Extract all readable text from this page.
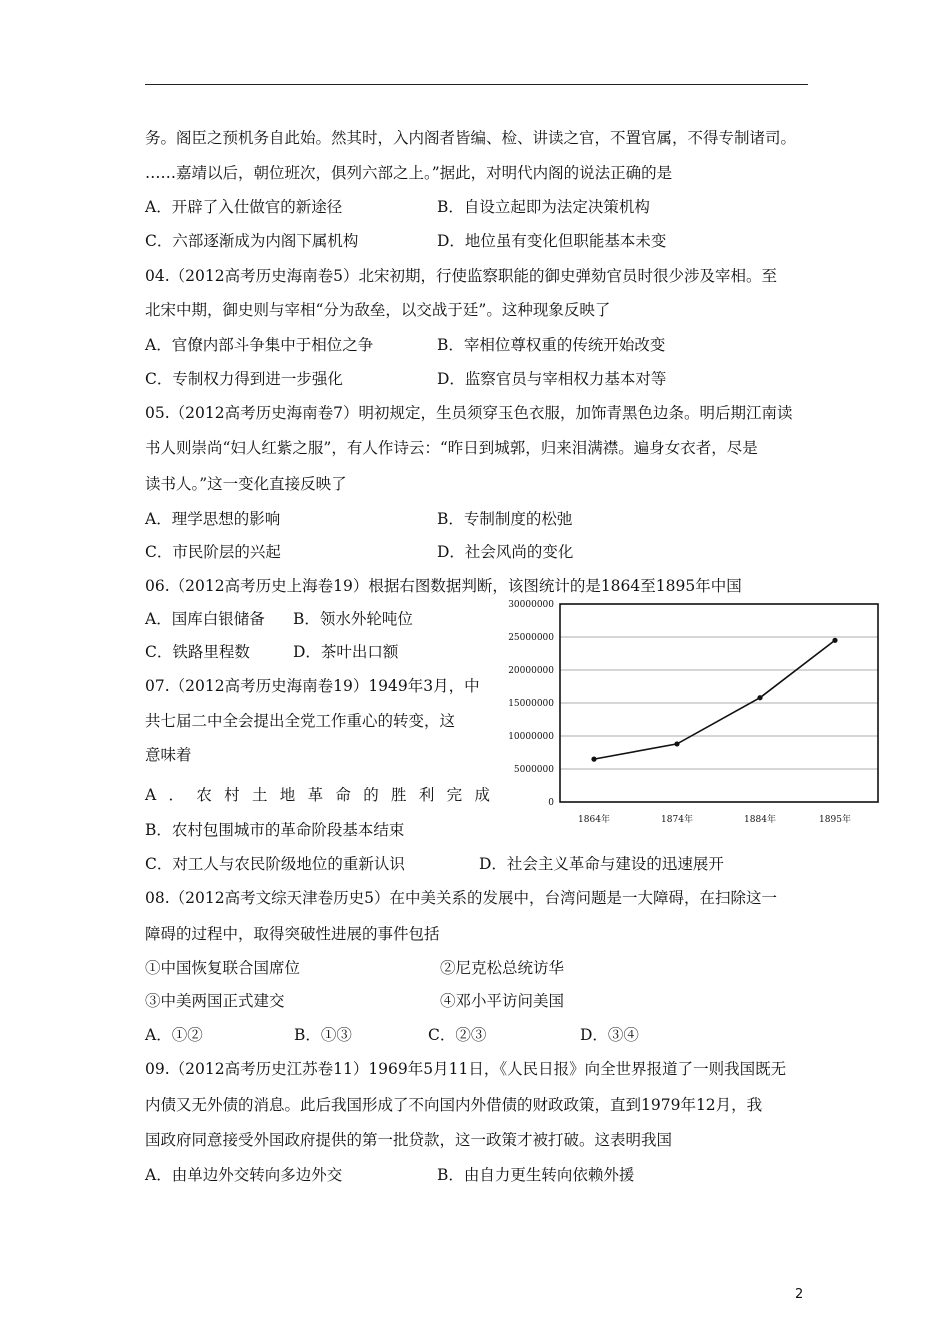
务。阁臣之预机务自此始。然其时，入内阁者皆编、检、讲读之官，不置官属，不得专制诸司。
……嘉靖以后，朝位班次，俱列六部之上。”据此，对明代内阁的说法正确的是
A．开辟了入仕做官的新途径	B．自设立起即为法定决策机构
C．六部逐渐成为内阁下属机构	D．地位虽有变化但职能基本未变
04.（2012高考历史海南卷5）北宋初期，行使监察职能的御史弹劾官员时很少涉及宰相。至
北宋中期，御史则与宰相“分为敌垒，以交战于廷”。这种现象反映了
A．官僚内部斗争集中于相位之争	B．宰相位尊权重的传统开始改变
C．专制权力得到进一步强化	D．监察官员与宰相权力基本对等
05.（2012高考历史海南卷7）明初规定，生员须穿玉色衣服，加饰青黑色边条。明后期江南读
书人则崇尚“妇人红紫之服”，有人作诗云：“昨日到城郭，归来泪满襟。遍身女衣者，尽是
读书人。”这一变化直接反映了
A．理学思想的影响	B．专制制度的松弛
C．市民阶层的兴起	D．社会风尚的变化
06.（2012高考历史上海卷19）根据右图数据判断，该图统计的是1864至1895年中国
A．国库白银储备 B．领水外轮吨位
C．铁路里程数	D．茶叶出口额
0
5000000
10000000
15000000
20000000
25000000
30000000
1864年	1874年	1884年	1895年
07.（2012高考历史海南卷19）1949年3月，中
共七届二中全会提出全党工作重心的转变，这
意味着
A ． 农 村 土 地 革 命 的 胜 利 完 成
B．农村包围城市的革命阶段基本结束
C．对工人与农民阶级地位的重新认识	D．社会主义革命与建设的迅速展开
08.（2012高考文综天津卷历史5）在中美关系的发展中，台湾问题是一大障碍，在扫除这一
障碍的过程中，取得突破性进展的事件包括
①中国恢复联合国席位	②尼克松总统访华
③中美两国正式建交	④邓小平访问美国
A．①②	B．①③	C．②③	D．③④
09.（2012高考历史江苏卷11）1969年5月11日，《人民日报》向全世界报道了一则我国既无
内债又无外债的消息。此后我国形成了不向国内外借债的财政政策，直到1979年12月，我
国政府同意接受外国政府提供的第一批贷款，这一政策才被打破。这表明我国
A．由单边外交转向多边外交	B．由自力更生转向依赖外援
2
